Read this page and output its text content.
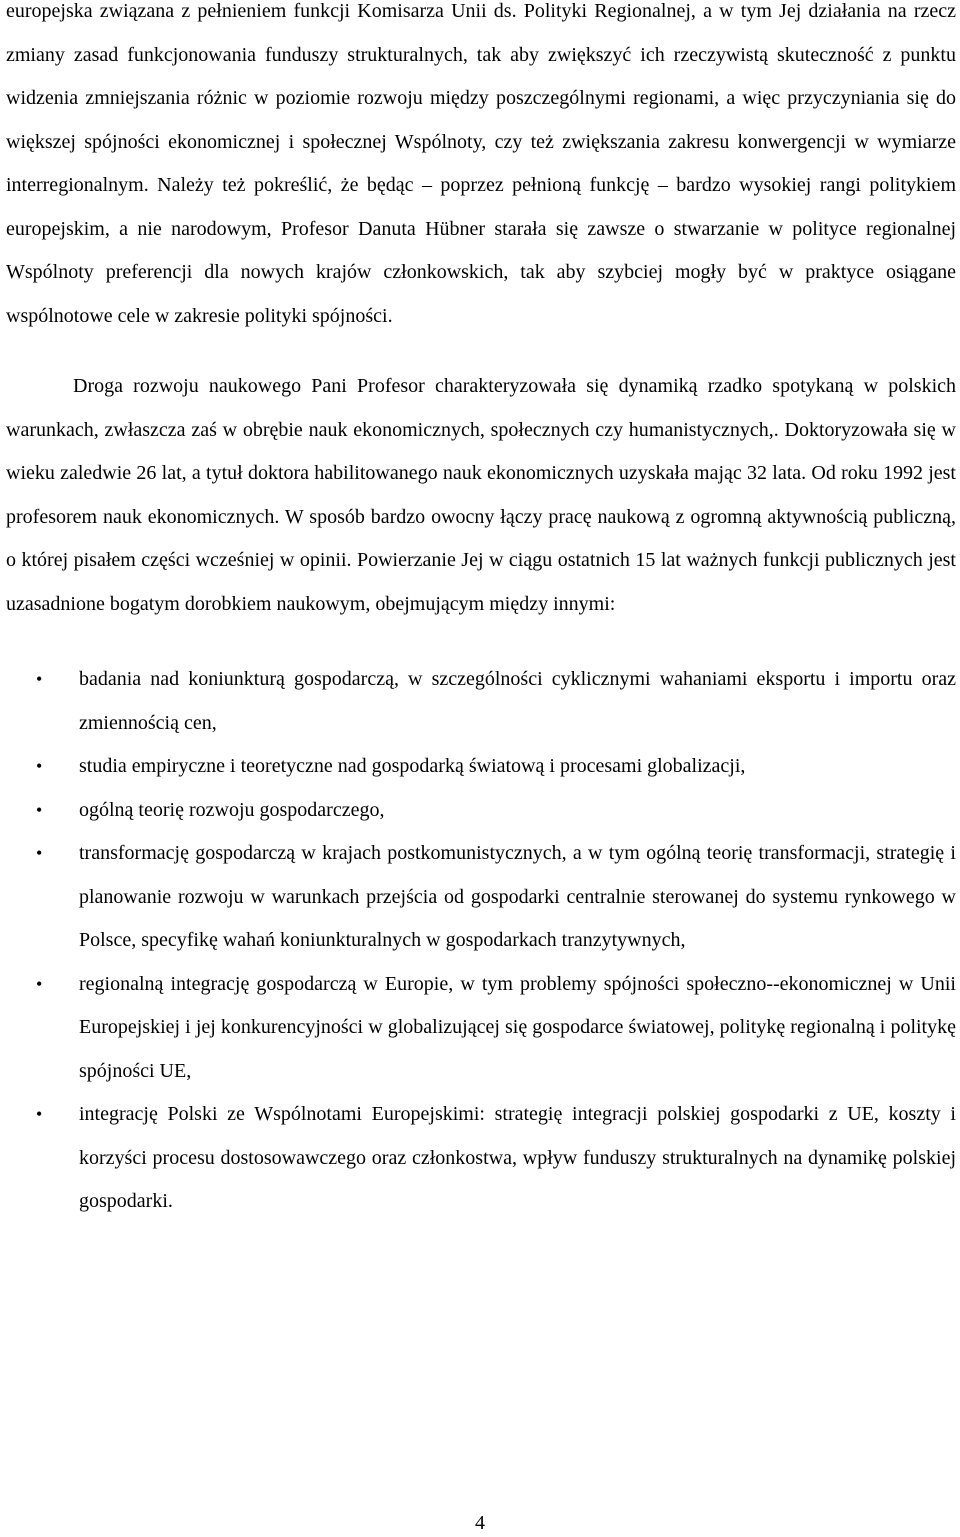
europejska związana z pełnieniem funkcji Komisarza Unii ds. Polityki Regionalnej, a w tym Jej działania na rzecz zmiany zasad funkcjonowania funduszy strukturalnych, tak aby zwiększyć ich rzeczywistą skuteczność z punktu widzenia zmniejszania różnic w poziomie rozwoju między poszczególnymi regionami, a więc przyczyniania się do większej spójności ekonomicznej i społecznej Wspólnoty, czy też zwiększania zakresu konwergencji w wymiarze interregionalnym. Należy też pokreślić, że będąc – poprzez pełnioną funkcję – bardzo wysokiej rangi politykiem europejskim, a nie narodowym, Profesor Danuta Hübner starała się zawsze o stwarzanie w polityce regionalnej Wspólnoty preferencji dla nowych krajów członkowskich, tak aby szybciej mogły być w praktyce osiągane wspólnotowe cele w zakresie polityki spójności.

Droga rozwoju naukowego Pani Profesor charakteryzowała się dynamiką rzadko spotykaną w polskich warunkach, zwłaszcza zaś w obrębie nauk ekonomicznych, społecznych czy humanistycznych,. Doktoryzowała się w wieku zaledwie 26 lat, a tytuł doktora habilitowanego nauk ekonomicznych uzyskała mając 32 lata. Od roku 1992 jest profesorem nauk ekonomicznych. W sposób bardzo owocny łączy pracę naukową z ogromną aktywnością publiczną, o której pisałem części wcześniej w opinii. Powierzanie Jej w ciągu ostatnich 15 lat ważnych funkcji publicznych jest uzasadnione bogatym dorobkiem naukowym, obejmującym między innymi:

• badania nad koniunkturą gospodarczą, w szczególności cyklicznymi wahaniami eksportu i importu oraz zmiennością cen,
• studia empiryczne i teoretyczne nad gospodarką światową i procesami globalizacji,
• ogólną teorię rozwoju gospodarczego,
• transformację gospodarczą w krajach postkomunistycznych, a w tym ogólną teorię transformacji, strategię i planowanie rozwoju w warunkach przejścia od gospodarki centralnie sterowanej do systemu rynkowego w Polsce, specyfikę wahań koniunkturalnych w gospodarkach tranzytywnych,
• regionalną integrację gospodarczą w Europie, w tym problemy spójności społeczno-‑ekonomicznej w Unii Europejskiej i jej konkurencyjności w globalizującej się gospodarce światowej, politykę regionalną i politykę spójności UE,
• integrację Polski ze Wspólnotami Europejskimi: strategię integracji polskiej gospodarki z UE, koszty i korzyści procesu dostosowawczego oraz członkostwa, wpływ funduszy strukturalnych na dynamikę polskiej gospodarki.
4
